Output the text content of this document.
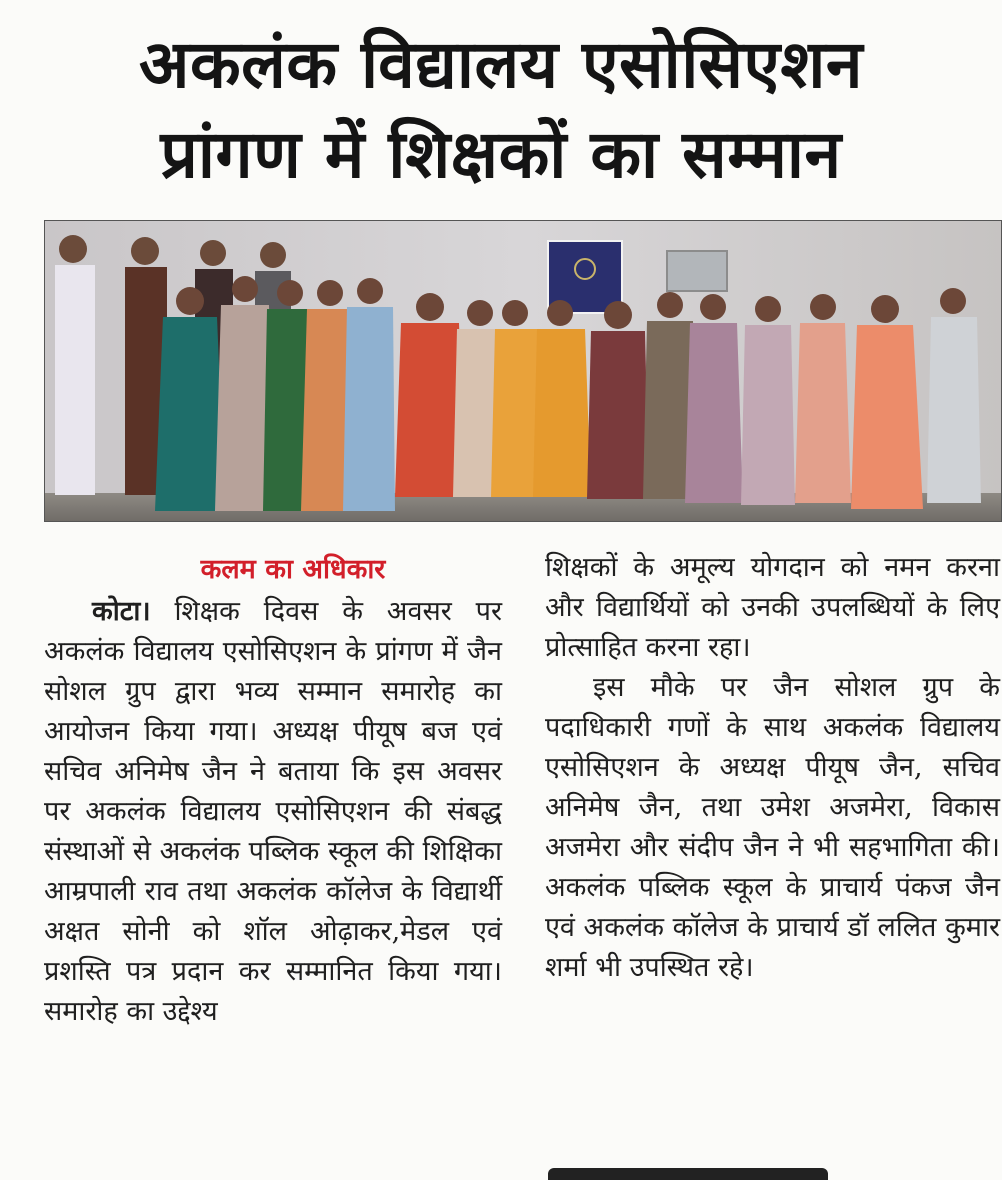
अकलंक विद्यालय एसोसिएशन
प्रांगण में शिक्षकों का सम्मान
कलम का अधिकार

कोटा। शिक्षक दिवस के अवसर पर अकलंक विद्यालय एसोसिएशन के प्रांगण में जैन सोशल ग्रुप द्वारा भव्य सम्मान समारोह का आयोजन किया गया। अध्यक्ष पीयूष बज एवं सचिव अनिमेष जैन ने बताया कि इस अवसर पर अकलंक विद्यालय एसोसिएशन की संबद्ध संस्थाओं से अकलंक पब्लिक स्कूल की शिक्षिका आम्रपाली राव तथा अकलंक कॉलेज के विद्यार्थी अक्षत सोनी को शॉल ओढ़ाकर,मेडल एवं प्रशस्ति पत्र प्रदान कर सम्मानित किया गया। समारोह का उद्देश्य

शिक्षकों के अमूल्य योगदान को नमन करना और विद्यार्थियों को उनकी उपलब्धियों के लिए प्रोत्साहित करना रहा।

इस मौके पर जैन सोशल ग्रुप के पदाधिकारी गणों के साथ अकलंक विद्यालय एसोसिएशन के अध्यक्ष पीयूष जैन, सचिव अनिमेष जैन, तथा उमेश अजमेरा, विकास अजमेरा और संदीप जैन ने भी सहभागिता की। अकलंक पब्लिक स्कूल के प्राचार्य पंकज जैन एवं अकलंक कॉलेज के प्राचार्य डॉ ललित कुमार शर्मा भी उपस्थित रहे।
